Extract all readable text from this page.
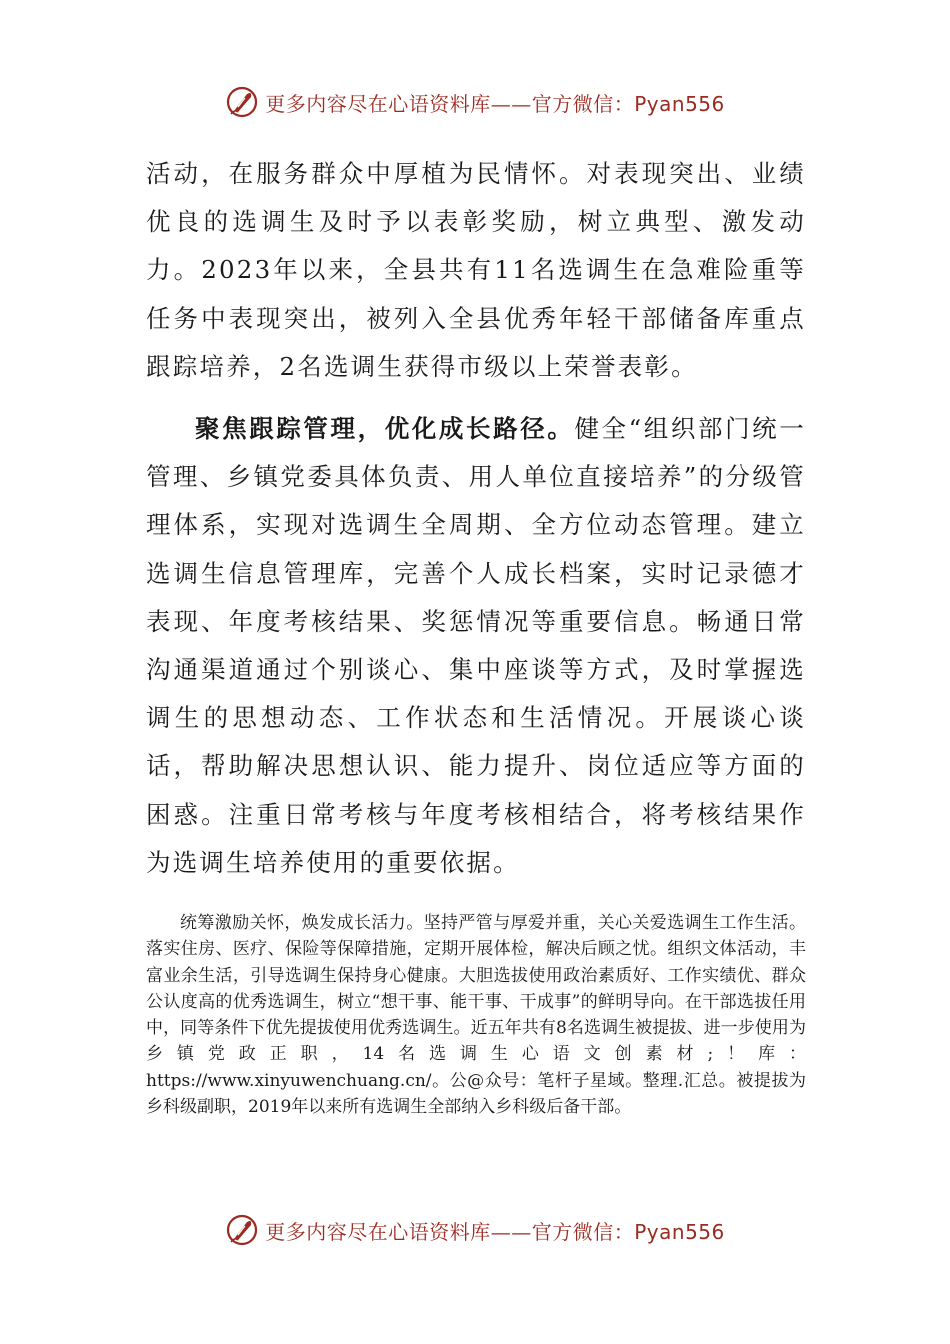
更多内容尽在心语资料库——官方微信：Pyan556

活动，在服务群众中厚植为民情怀。对表现突出、业绩优良的选调生及时予以表彰奖励，树立典型、激发动力。2023年以来，全县共有11名选调生在急难险重等任务中表现突出，被列入全县优秀年轻干部储备库重点跟踪培养，2名选调生获得市级以上荣誉表彰。

聚焦跟踪管理，优化成长路径。健全“组织部门统一管理、乡镇党委具体负责、用人单位直接培养”的分级管理体系，实现对选调生全周期、全方位动态管理。建立选调生信息管理库，完善个人成长档案，实时记录德才表现、年度考核结果、奖惩情况等重要信息。畅通日常沟通渠道通过个别谈心、集中座谈等方式，及时掌握选调生的思想动态、工作状态和生活情况。开展谈心谈话，帮助解决思想认识、能力提升、岗位适应等方面的困惑。注重日常考核与年度考核相结合，将考核结果作为选调生培养使用的重要依据。

统筹激励关怀，焕发成长活力。坚持严管与厚爱并重，关心关爱选调生工作生活。落实住房、医疗、保险等保障措施，定期开展体检，解决后顾之忧。组织文体活动，丰富业余生活，引导选调生保持身心健康。大胆选拔使用政治素质好、工作实绩优、群众公认度高的优秀选调生，树立“想干事、能干事、干成事”的鲜明导向。在干部选拔任用中，同等条件下优先提拔使用优秀选调生。近五年共有8名选调生被提拔、进一步使用为乡镇党政正职，14名选调生心语文创素材;！库：https://www.xinyuwenchuang.cn/。公@众号：笔杆子星域。整理.汇总。被提拔为乡科级副职，2019年以来所有选调生全部纳入乡科级后备干部。

更多内容尽在心语资料库——官方微信：Pyan556
